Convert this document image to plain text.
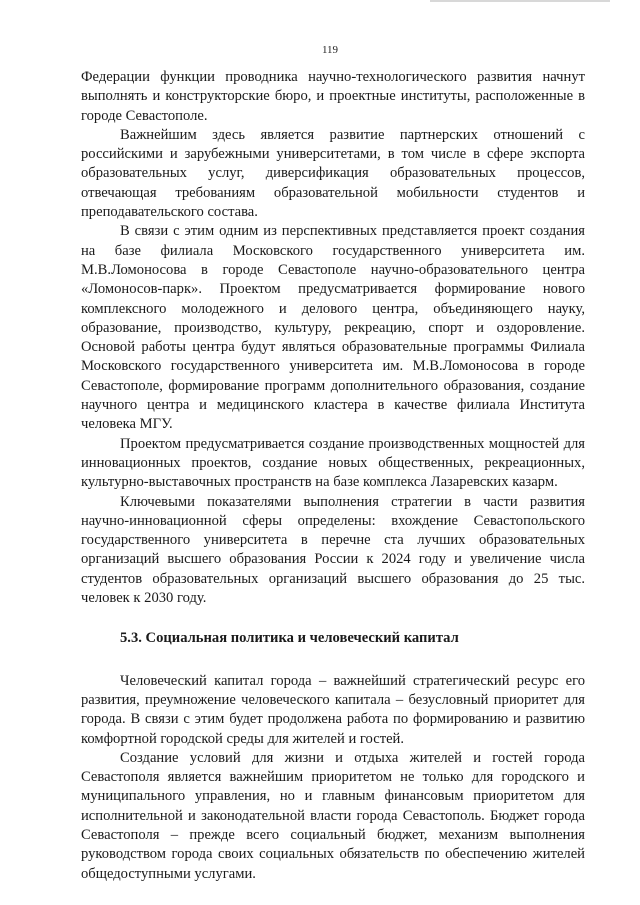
119

Федерации функции проводника научно-технологического развития начнут выполнять и конструкторские бюро, и проектные институты, расположенные в городе Севастополе.

Важнейшим здесь является развитие партнерских отношений с российскими и зарубежными университетами, в том числе в сфере экспорта образовательных услуг, диверсификация образовательных процессов, отвечающая требованиям образовательной мобильности студентов и преподавательского состава.

В связи с этим одним из перспективных представляется проект создания на базе филиала Московского государственного университета им. М.В.Ломоносова в городе Севастополе научно-образовательного центра «Ломоносов-парк». Проектом предусматривается формирование нового комплексного молодежного и делового центра, объединяющего науку, образование, производство, культуру, рекреацию, спорт и оздоровление. Основой работы центра будут являться образовательные программы Филиала Московского государственного университета им. М.В.Ломоносова в городе Севастополе, формирование программ дополнительного образования, создание научного центра и медицинского кластера в качестве филиала Института человека МГУ.

Проектом предусматривается создание производственных мощностей для инновационных проектов, создание новых общественных, рекреационных, культурно-выставочных пространств на базе комплекса Лазаревских казарм.

Ключевыми показателями выполнения стратегии в части развития научно-инновационной сферы определены: вхождение Севастопольского государственного университета в перечне ста лучших образовательных организаций высшего образования России к 2024 году и увеличение числа студентов образовательных организаций высшего образования до 25 тыс. человек к 2030 году.

5.3. Социальная политика и человеческий капитал

Человеческий капитал города – важнейший стратегический ресурс его развития, преумножение человеческого капитала – безусловный приоритет для города. В связи с этим будет продолжена работа по формированию и развитию комфортной городской среды для жителей и гостей.

Создание условий для жизни и отдыха жителей и гостей города Севастополя является важнейшим приоритетом не только для городского и муниципального управления, но и главным финансовым приоритетом для исполнительной и законодательной власти города Севастополь. Бюджет города Севастополя – прежде всего социальный бюджет, механизм выполнения руководством города своих социальных обязательств по обеспечению жителей общедоступными услугами.
